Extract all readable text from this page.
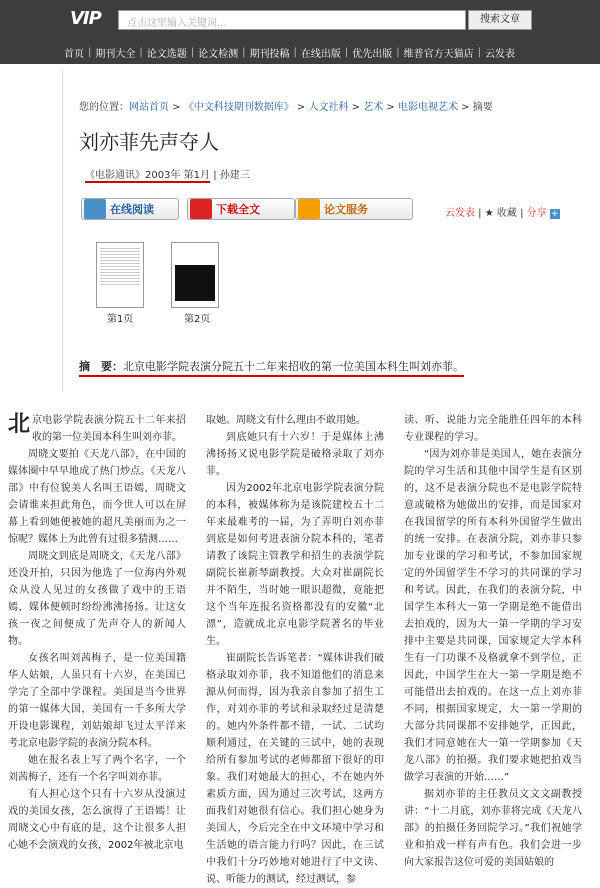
VIP	点击这里输入关键词...	搜索文章
首页 | 期刊大全 | 论文选题 | 论文检测 | 期刊投稿 | 在线出版 | 优先出版 | 维普官方天猫店 | 云发表
您的位置：网站首页 > 《中文科技期刊数据库》 > 人文社科 > 艺术 > 电影电视艺术 > 摘要
刘亦菲先声夺人
《电影通讯》2003年 第1月 | 孙建三
在线阅读	下载全文	论文服务	云发表 | ★ 收藏 | 分享 +
第1页	第2页
摘　要：北京电影学院表演分院五十二年来招收的第一位美国本科生叫刘亦菲。

北京电影学院表演分院五十二年来招收的第一位美国本科生叫刘亦菲。

周晓文要拍《天龙八部》，在中国的媒体圈中早早地成了热门炒点。《天龙八部》中有位貌美人名叫王语嫣，周晓文会请谁来担此角色，而今世人可以在屏幕上看到她便被她的超凡美丽而为之一惊呢？媒体上为此曾有过很多猜测……

周晓文到底是周晓文，《天龙八部》还没开拍，只因为他选了一位海内外观众从没人见过的女孩做了戏中的王语嫣，媒体便顿时纷纷沸沸扬扬。让这女孩一夜之间便成了先声夺人的新闻人物。

女孩名叫刘茜梅子，是一位美国籍华人姑娘，人虽只有十六岁，在美国已学完了全部中学课程。美国是当今世界的第一媒体大国，美国有一千多所大学开设电影课程，刘姑娘却飞过太平洋来考北京电影学院的表演分院本科。

她在报名表上写了两个名字，一个刘茜梅子，还有一个名字叫刘亦菲。

有人担心这个只有十六岁从没演过戏的美国女孩，怎么演得了王语嫣！让周晓文心中有底的是，这个让很多人担心她不会演戏的女孩，2002年被北京电

取她。周晓文有什么理由不敢用她。

到底她只有十六岁！于是媒体上沸沸扬扬又说电影学院是破格录取了刘亦菲。

因为2002年北京电影学院表演分院的本科，被媒体称为是该院建校五十二年来最难考的一届，为了弄明白刘亦菲到底是如何考进表演分院本科的，笔者请教了该院主管教学和招生的表演学院副院长崔新琴副教授。大众对崔副院长并不陌生，当时她一眼识超微，竟能把这个当年连报名资格都没有的安徽“北漂”，造就成北京电影学院著名的毕业生。

崔副院长告诉笔者：“媒体讲我们破格录取刘亦菲，我不知道他们的消息来源从何而得，因为我亲自参加了招生工作，对刘亦菲的考试和录取经过是清楚的。她内外条件都不错，一试、二试均顺利通过，在关键的三试中，她的表现给所有参加考试的老师都留下很好的印象。我们对她最大的担心，不在她内外素质方面，因为通过三次考试，这两方面我们对她很有信心。我们担心她身为美国人，今后完全在中文环境中学习和生活她的语言能力行吗？因此，在三试中我们十分巧妙地对她进行了中文读、说、听能力的测试，经过测试，参

读、听、说能力完全能胜任四年的本科专业课程的学习。

“因为刘亦菲是美国人，她在表演分院的学习生活和其他中国学生是有区别的，这不是表演分院也不是电影学院特意或破格为她做出的安排，而是国家对在我国留学的所有本科外国留学生做出的统一安排。在表演分院，刘亦菲只参加专业课的学习和考试，不参加国家规定的外国留学生不学习的共同课的学习和考试。因此，在我们的表演分院，中国学生本科大一第一学期是绝不能借出去拍戏的，因为大一第一学期的学习安排中主要是共同课，国家规定大学本科生有一门功课不及格就拿不到学位，正因此，中国学生在大一第一学期是绝不可能借出去拍戏的。在这一点上刘亦菲不同，根据国家规定，大一第一学期的大部分共同课都不安排她学，正因此，我们才同意她在大一第一学期参加《天龙八部》的拍摄。我们要求她把拍戏当做学习表演的开始……”

据刘亦菲的主任教员文文文副教授讲：“十二月底，刘亦菲将完成《天龙八部》的拍摄任务回院学习。”我们祝她学业和拍戏一样有声有色。我们会进一步向大家报告这位可爱的美国姑娘的
